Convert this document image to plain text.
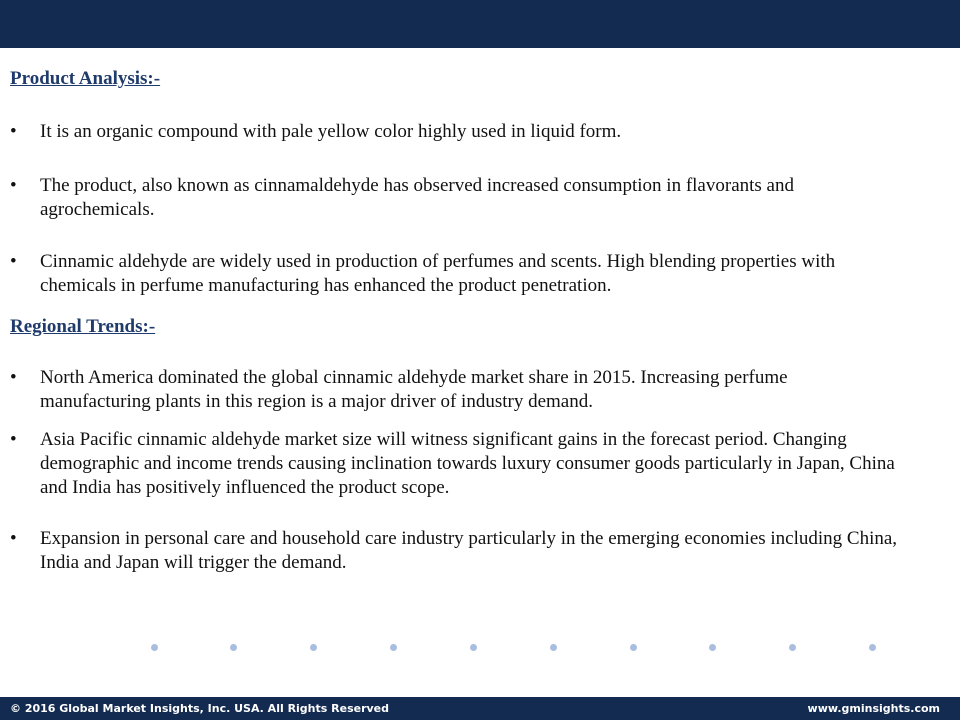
Product Analysis:-
•	It is an organic compound with pale yellow color highly used in liquid form.
•	The product, also known as cinnamaldehyde has observed increased consumption in flavorants and agrochemicals.
•	Cinnamic aldehyde are widely used in production of perfumes and scents. High blending properties with chemicals in perfume manufacturing has enhanced the product penetration.
Regional Trends:-
•	North America dominated the global cinnamic aldehyde market share in 2015. Increasing perfume manufacturing plants in this region is a major driver of industry demand.
•	Asia Pacific cinnamic aldehyde market size will witness significant gains in the forecast period. Changing demographic and income trends causing inclination towards luxury consumer goods particularly in Japan, China and India has positively influenced the product scope.
•	Expansion in personal care and household care industry particularly in the emerging economies including China, India and Japan will trigger the demand.
© 2016 Global Market Insights, Inc. USA. All Rights Reserved	www.gminsights.com
